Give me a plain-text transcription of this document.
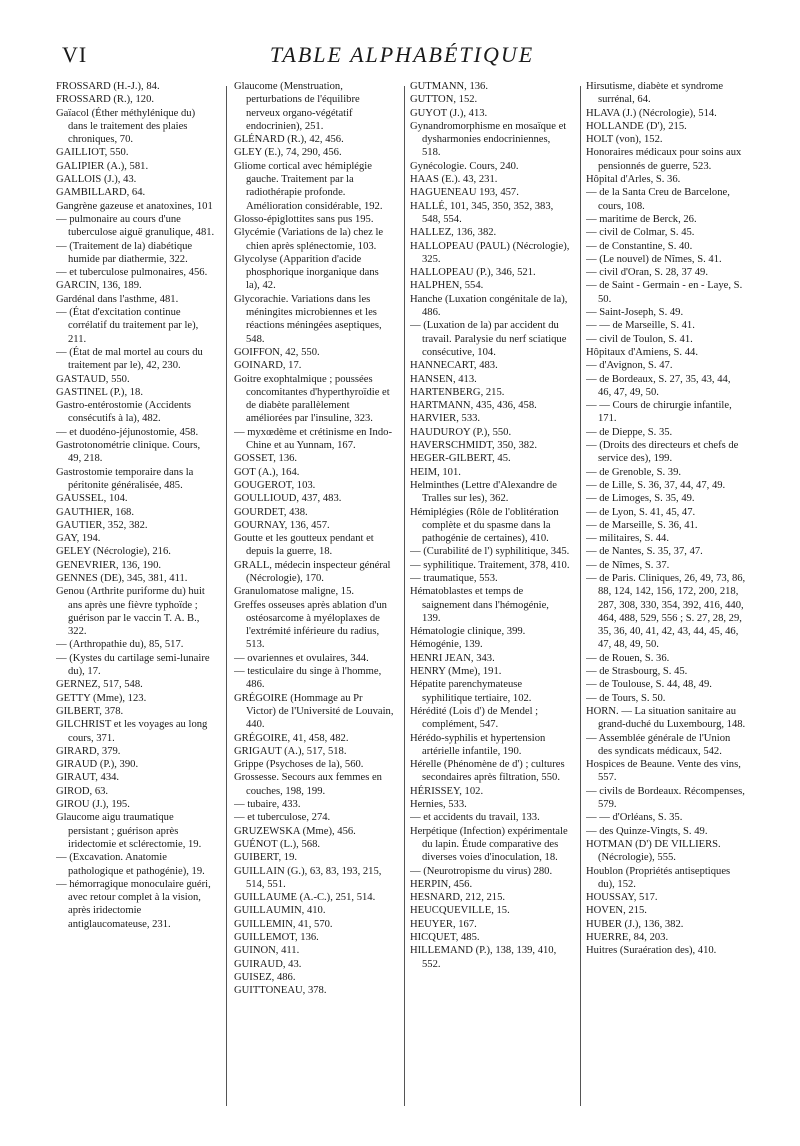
VI	TABLE ALPHABÉTIQUE

FROSSARD (H.-J.), 84.

FROSSARD (R.), 120.

Gaïacol (Éther méthylénique du) dans le traitement des plaies chroniques, 70.

GAILLIOT, 550.

GALIPIER (A.), 581.

GALLOIS (J.), 43.

GAMBILLARD, 64.

Gangrène gazeuse et anatoxines, 101

— pulmonaire au cours d'une tuberculose aiguë granulique, 481.

— (Traitement de la) diabétique humide par diathermie, 322.

— et tuberculose pulmonaires, 456.

GARCIN, 136, 189.

Gardénal dans l'asthme, 481.

— (État d'excitation continue corrélatif du traitement par le), 211.

— (État de mal mortel au cours du traitement par le), 42, 230.

GASTAUD, 550.

GASTINEL (P.), 18.

Gastro-entérostomie (Accidents consécutifs à la), 482.

— et duodéno-jéjunostomie, 458.

Gastrotonométrie clinique. Cours, 49, 218.

Gastrostomie temporaire dans la péritonite généralisée, 485.

GAUSSEL, 104.

GAUTHIER, 168.

GAUTIER, 352, 382.

GAY, 194.

GELEY (Nécrologie), 216.

GENEVRIER, 136, 190.

GENNES (DE), 345, 381, 411.

Genou (Arthrite puriforme du) huit ans après une fièvre typhoïde ; guérison par le vaccin T. A. B., 322.

— (Arthropathie du), 85, 517.

— (Kystes du cartilage semi-lunaire du), 17.

GERNEZ, 517, 548.

GETTY (Mme), 123.

GILBERT, 378.

GILCHRIST et les voyages au long cours, 371.

GIRARD, 379.

GIRAUD (P.), 390.

GIRAUT, 434.

GIROD, 63.

GIROU (J.), 195.

Glaucome aigu traumatique persistant ; guérison après iridectomie et sclérectomie, 19.

— (Excavation. Anatomie pathologique et pathogénie), 19.

— hémorragique monoculaire guéri, avec retour complet à la vision, après iridectomie antiglaucomateuse, 231.

Glaucome (Menstruation, perturbations de l'équilibre nerveux organo-végétatif endocrinien), 251.

GLÉNARD (R.), 42, 456.

GLEY (E.), 74, 290, 456.

Gliome cortical avec hémiplégie gauche. Traitement par la radiothérapie profonde. Amélioration considérable, 192.

Glosso-épiglottites sans pus 195.

Glycémie (Variations de la) chez le chien après splénectomie, 103.

Glycolyse (Apparition d'acide phosphorique inorganique dans la), 42.

Glycorachie. Variations dans les méningites microbiennes et les réactions méningées aseptiques, 548.

GOIFFON, 42, 550.

GOINARD, 17.

Goitre exophtalmique ; poussées concomitantes d'hyperthyroïdie et de diabète parallèlement améliorées par l'insuline, 323.

— myxœdème et crétinisme en Indo-Chine et au Yunnam, 167.

GOSSET, 136.

GOT (A.), 164.

GOUGEROT, 103.

GOULLIOUD, 437, 483.

GOURDET, 438.

GOURNAY, 136, 457.

Goutte et les goutteux pendant et depuis la guerre, 18.

GRALL, médecin inspecteur général (Nécrologie), 170.

Granulomatose maligne, 15.

Greffes osseuses après ablation d'un ostéosarcome à myéloplaxes de l'extrémité inférieure du radius, 513.

— ovariennes et ovulaires, 344.

— testiculaire du singe à l'homme, 486.

GRÉGOIRE (Hommage au Pr Victor) de l'Université de Louvain, 440.

GRÉGOIRE, 41, 458, 482.

GRIGAUT (A.), 517, 518.

Grippe (Psychoses de la), 560.

Grossesse. Secours aux femmes en couches, 198, 199.

— tubaire, 433.

— et tuberculose, 274.

GRUZEWSKA (Mme), 456.

GUÉNOT (L.), 568.

GUIBERT, 19.

GUILLAIN (G.), 63, 83, 193, 215, 514, 551.

GUILLAUME (A.-C.), 251, 514.

GUILLAUMIN, 410.

GUILLEMIN, 41, 570.

GUILLEMOT, 136.

GUINON, 411.

GUIRAUD, 43.

GUISEZ, 486.

GUITTONEAU, 378.

GUTMANN, 136.

GUTTON, 152.

GUYOT (J.), 413.

Gynandromorphisme en mosaïque et dysharmonies endocriniennes, 518.

Gynécologie. Cours, 240.

HAAS (E.). 43, 231.

HAGUENEAU 193, 457.

HALLÉ, 101, 345, 350, 352, 383, 548, 554.

HALLEZ, 136, 382.

HALLOPEAU (PAUL) (Nécrologie), 325.

HALLOPEAU (P.), 346, 521.

HALPHEN, 554.

Hanche (Luxation congénitale de la), 486.

— (Luxation de la) par accident du travail. Paralysie du nerf sciatique consécutive, 104.

HANNECART, 483.

HANSEN, 413.

HARTENBERG, 215.

HARTMANN, 435, 436, 458.

HARVIER, 533.

HAUDUROY (P.), 550.

HAVERSCHMIDT, 350, 382.

HEGER-GILBERT, 45.

HEIM, 101.

Helminthes (Lettre d'Alexandre de Tralles sur les), 362.

Hémiplégies (Rôle de l'oblitération complète et du spasme dans la pathogénie de certaines), 410.

— (Curabilité de l') syphilitique, 345.

— syphilitique. Traitement, 378, 410.

— traumatique, 553.

Hématoblastes et temps de saignement dans l'hémogénie, 139.

Hématologie clinique, 399.

Hémogénie, 139.

HENRI JEAN, 343.

HENRY (Mme), 191.

Hépatite parenchymateuse syphilitique tertiaire, 102.

Hérédité (Lois d') de Mendel ; complément, 547.

Hérédo-syphilis et hypertension artérielle infantile, 190.

Hérelle (Phénomène de d') ; cultures secondaires après filtration, 550.

HÉRISSEY, 102.

Hernies, 533.

— et accidents du travail, 133.

Herpétique (Infection) expérimentale du lapin. Étude comparative des diverses voies d'inoculation, 18.

— (Neurotropisme du virus) 280.

HERPIN, 456.

HESNARD, 212, 215.

HEUCQUEVILLE, 15.

HEUYER, 167.

HICQUET, 485.

HILLEMAND (P.), 138, 139, 410, 552.

Hirsutisme, diabète et syndrome surrénal, 64.

HLAVA (J.) (Nécrologie), 514.

HOLLANDE (D'), 215.

HOLT (von), 152.

Honoraires médicaux pour soins aux pensionnés de guerre, 523.

Hôpital d'Arles, S. 36.

— de la Santa Creu de Barcelone, cours, 108.

— maritime de Berck, 26.

— civil de Colmar, S. 45.

— de Constantine, S. 40.

— (Le nouvel) de Nîmes, S. 41.

— civil d'Oran, S. 28, 37 49.

— de Saint - Germain - en - Laye, S. 50.

— Saint-Joseph, S. 49.

— — de Marseille, S. 41.

— civil de Toulon, S. 41.

Hôpitaux d'Amiens, S. 44.

— d'Avignon, S. 47.

— de Bordeaux, S. 27, 35, 43, 44, 46, 47, 49, 50.

— — Cours de chirurgie infantile, 171.

— de Dieppe, S. 35.

— (Droits des directeurs et chefs de service des), 199.

— de Grenoble, S. 39.

— de Lille, S. 36, 37, 44, 47, 49.

— de Limoges, S. 35, 49.

— de Lyon, S. 41, 45, 47.

— de Marseille, S. 36, 41.

— militaires, S. 44.

— de Nantes, S. 35, 37, 47.

— de Nîmes, S. 37.

— de Paris. Cliniques, 26, 49, 73, 86, 88, 124, 142, 156, 172, 200, 218, 287, 308, 330, 354, 392, 416, 440, 464, 488, 529, 556 ; S. 27, 28, 29, 35, 36, 40, 41, 42, 43, 44, 45, 46, 47, 48, 49, 50.

— de Rouen, S. 36.

— de Strasbourg, S. 45.

— de Toulouse, S. 44, 48, 49.

— de Tours, S. 50.

HORN. — La situation sanitaire au grand-duché du Luxembourg, 148.

— Assemblée générale de l'Union des syndicats médicaux, 542.

Hospices de Beaune. Vente des vins, 557.

— civils de Bordeaux. Récompenses, 579.

— — d'Orléans, S. 35.

— des Quinze-Vingts, S. 49.

HOTMAN (D') DE VILLIERS. (Nécrologie), 555.

Houblon (Propriétés antiseptiques du), 152.

HOUSSAY, 517.

HOVEN, 215.

HUBER (J.), 136, 382.

HUERRE, 84, 203.

Huitres (Suraération des), 410.
